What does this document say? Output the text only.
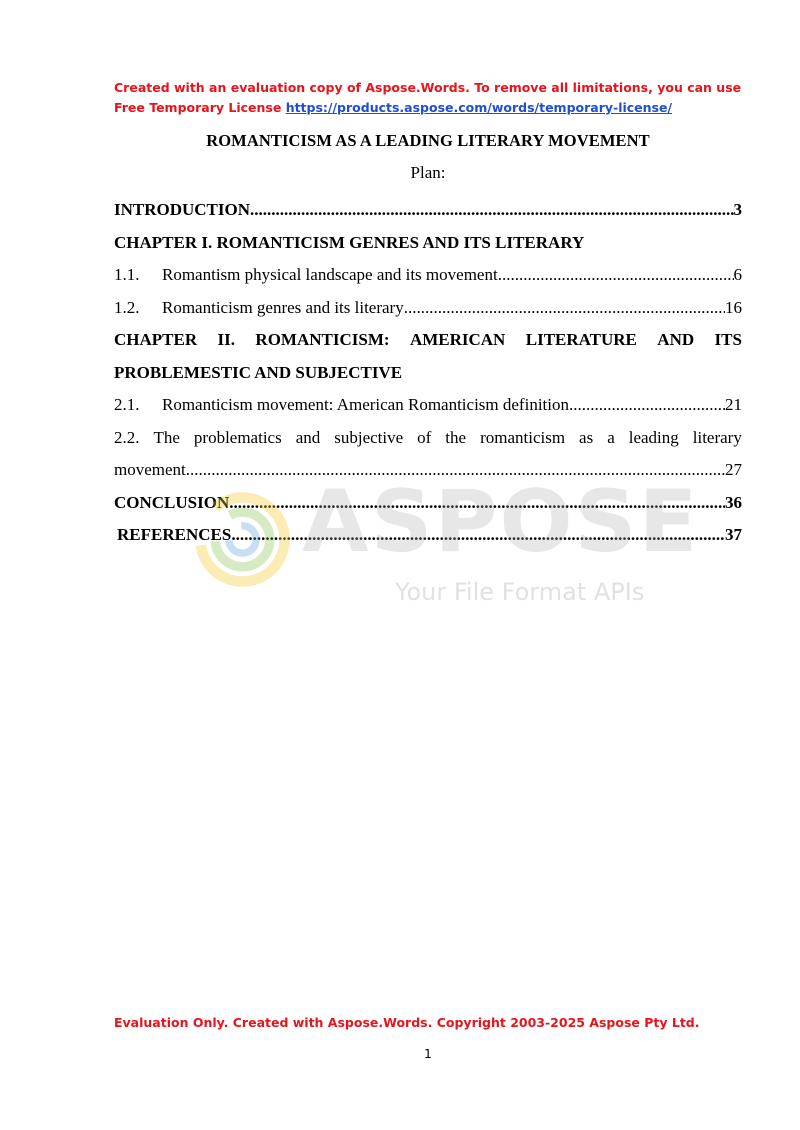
Created with an evaluation copy of Aspose.Words. To remove all limitations, you can use
Free Temporary License https://products.aspose.com/words/temporary-license/
ROMANTICISM AS A LEADING LITERARY MOVEMENT
Plan:
INTRODUCTION .....	3
CHAPTER I. ROMANTICISM GENRES AND ITS LITERARY
1.1.	Romantism physical landscape and its movement .....	6
1.2.	Romanticism genres and its literary .....	16
CHAPTER II. ROMANTICISM: AMERICAN LITERATURE AND ITS
PROBLEMESTIC AND SUBJECTIVE
2.1.	Romanticism movement: American Romanticism definition .....	21
2.2. The problematics and subjective of the romanticism as a leading literary
movement .....	27
CONCLUSION .....	36
REFERENCES .....	37
ASPOSE
Your File Format APIs
Evaluation Only. Created with Aspose.Words. Copyright 2003-2025 Aspose Pty Ltd.
1
